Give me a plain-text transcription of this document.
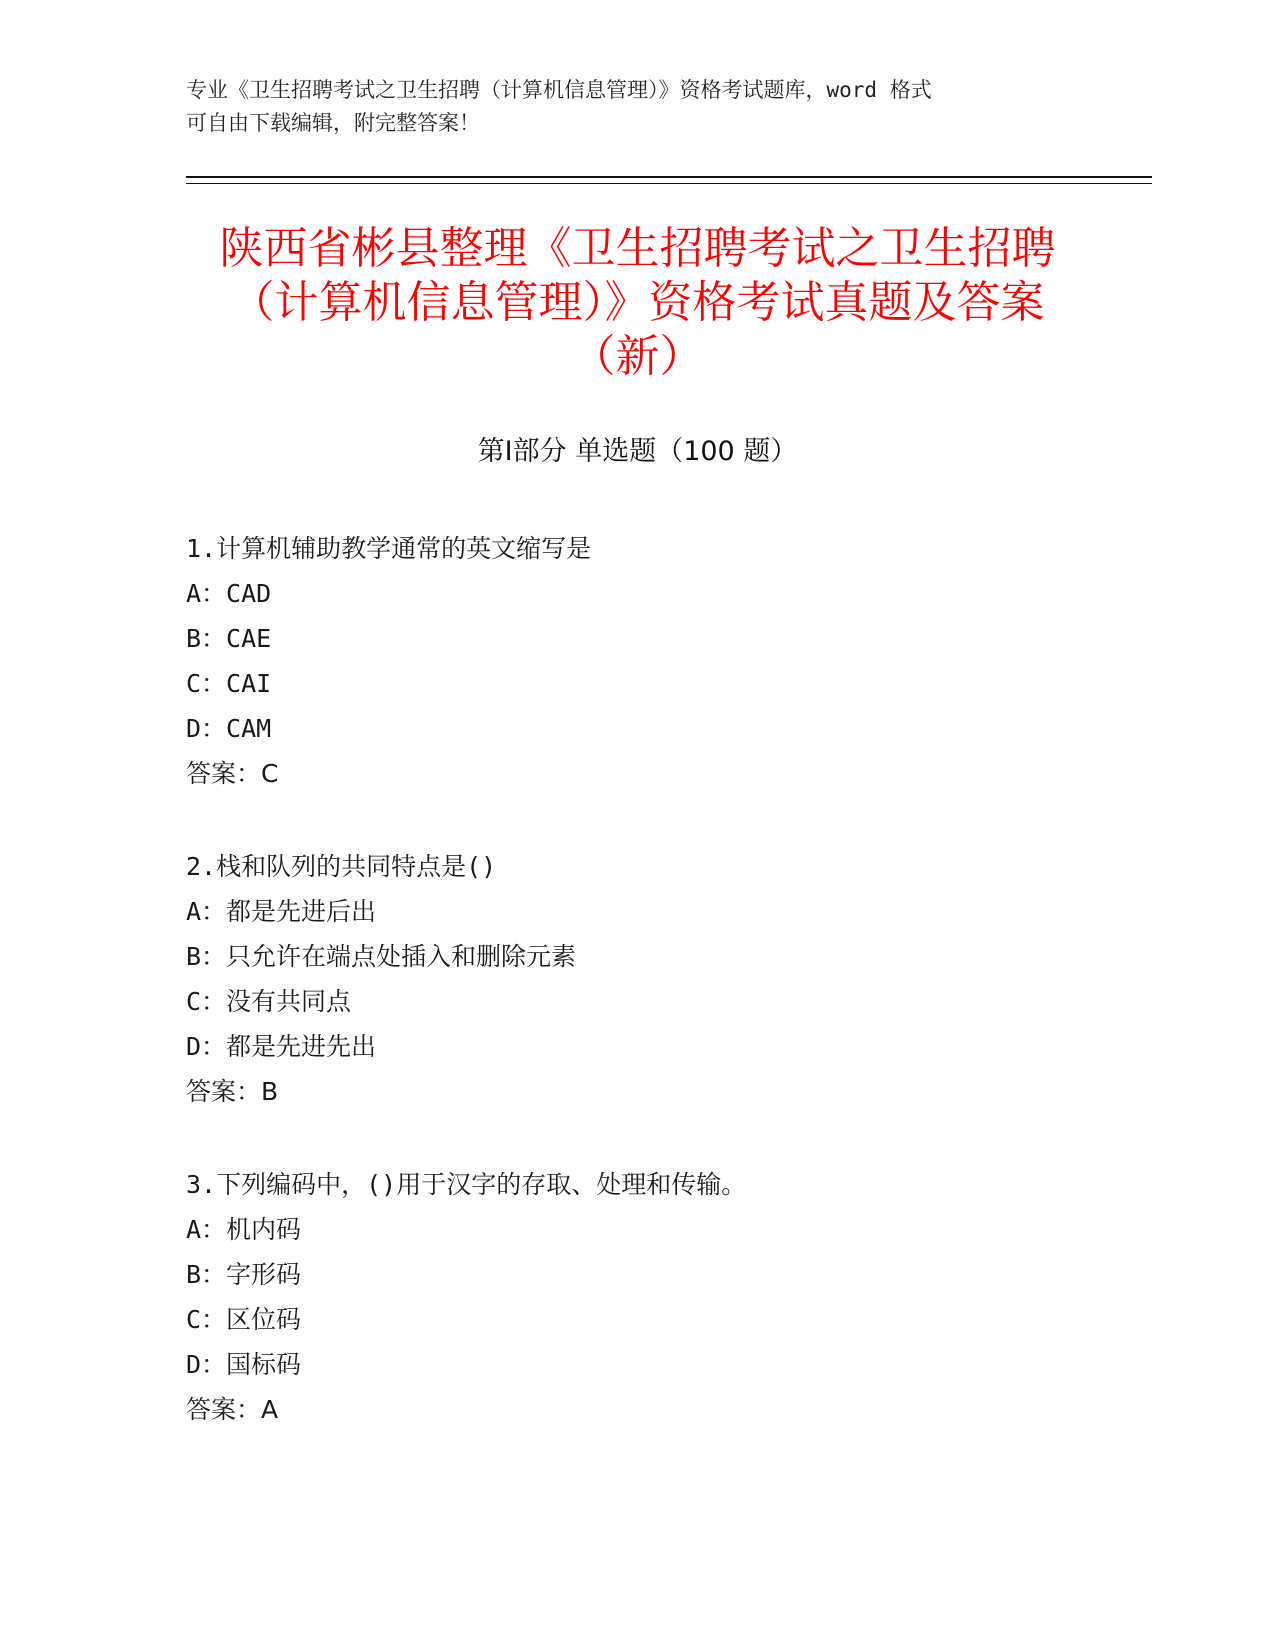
专业《卫生招聘考试之卫生招聘（计算机信息管理）》资格考试题库，word 格式
可自由下载编辑，附完整答案！
陕西省彬县整理《卫生招聘考试之卫生招聘
（计算机信息管理）》资格考试真题及答案
（新）
第Ⅰ部分 单选题（100 题）
1.计算机辅助教学通常的英文缩写是
A：CAD
B：CAE
C：CAI
D：CAM
答案：C
2.栈和队列的共同特点是()
A：都是先进后出
B：只允许在端点处插入和删除元素
C：没有共同点
D：都是先进先出
答案：B
3.下列编码中，()用于汉字的存取、处理和传输。
A：机内码
B：字形码
C：区位码
D：国标码
答案：A
